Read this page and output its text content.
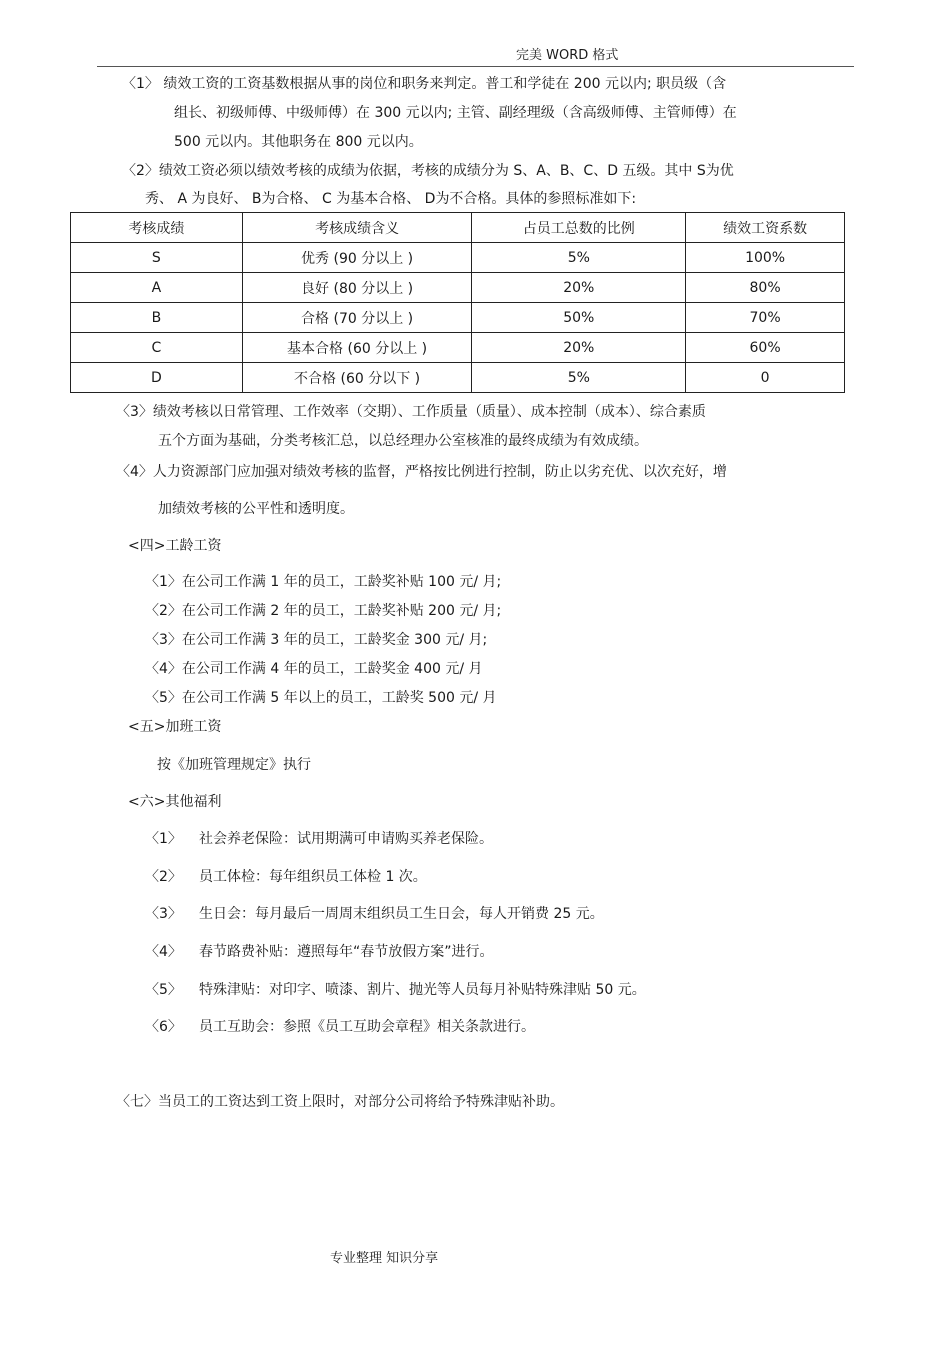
完美 WORD 格式
〈1〉 绩效工资的工资基数根据从事的岗位和职务来判定。普工和学徒在 200 元以内; 职员级（含
组长、初级师傅、中级师傅）在 300 元以内; 主管、副经理级（含高级师傅、主管师傅）在
500 元以内。其他职务在 800 元以内。
〈2〉绩效工资必须以绩效考核的成绩为依据，考核的成绩分为 S、A、B、C、D 五级。其中 S为优
秀、 A 为良好、 B为合格、 C 为基本合格、 D为不合格。具体的参照标准如下:
考核成绩	考核成绩含义	占员工总数的比例	绩效工资系数
S	优秀 (90 分以上 )	5%	100%
A	良好 (80 分以上 )	20%	80%
B	合格 (70 分以上 )	50%	70%
C	基本合格 (60 分以上 )	20%	60%
D	不合格 (60 分以下 )	5%	0
〈3〉绩效考核以日常管理、工作效率（交期）、工作质量（质量）、成本控制（成本）、综合素质
五个方面为基础，分类考核汇总，以总经理办公室核准的最终成绩为有效成绩。
〈4〉人力资源部门应加强对绩效考核的监督，严格按比例进行控制，防止以劣充优、以次充好，增
加绩效考核的公平性和透明度。
<四>工龄工资
〈1〉在公司工作满 1 年的员工，工龄奖补贴 100 元/ 月;
〈2〉在公司工作满 2 年的员工，工龄奖补贴 200 元/ 月;
〈3〉在公司工作满 3 年的员工，工龄奖金 300 元/ 月;
〈4〉在公司工作满 4 年的员工，工龄奖金 400 元/ 月
〈5〉在公司工作满 5 年以上的员工，工龄奖 500 元/ 月
<五>加班工资
按《加班管理规定》执行
<六>其他福利
〈1〉 社会养老保险：试用期满可申请购买养老保险。
〈2〉 员工体检：每年组织员工体检 1 次。
〈3〉 生日会：每月最后一周周末组织员工生日会，每人开销费 25 元。
〈4〉 春节路费补贴：遵照每年“春节放假方案”进行。
〈5〉 特殊津贴：对印字、喷漆、割片、抛光等人员每月补贴特殊津贴 50 元。
〈6〉 员工互助会：参照《员工互助会章程》相关条款进行。
〈七〉当员工的工资达到工资上限时，对部分公司将给予特殊津贴补助。
专业整理 知识分享
